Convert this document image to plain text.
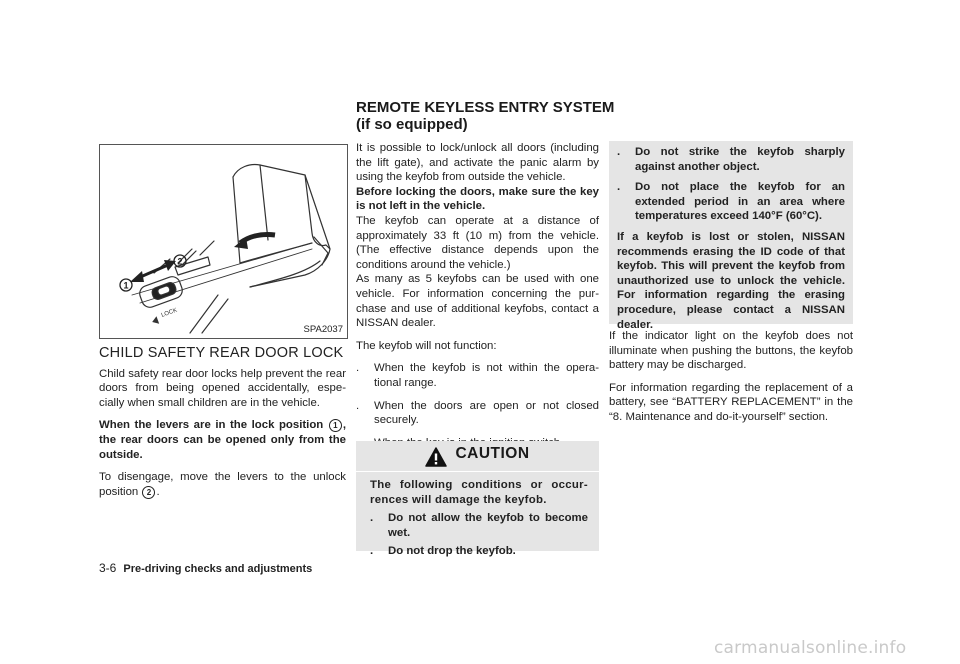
REMOTE KEYLESS ENTRY SYSTEM
(if so equipped)
1
2
LOCK
SPA2037
CHILD SAFETY REAR DOOR LOCK

Child safety rear door locks help prevent the rear doors from being opened accidentally, espe-cially when small children are in the vehicle.

When the levers are in the lock position 1 , the rear doors can be opened only from the outside.

To disengage, move the levers to the unlock position 2 .

It is possible to lock/unlock all doors (including the lift gate), and activate the panic alarm by using the keyfob from outside the vehicle.

Before locking the doors, make sure the key is not left in the vehicle.

The keyfob can operate at a distance of approximately 33 ft (10 m) from the vehicle. (The effective distance depends upon the conditions around the vehicle.)

As many as 5 keyfobs can be used with one vehicle. For information concerning the pur-chase and use of additional keyfobs, contact a NISSAN dealer.

The keyfob will not function:

. When the keyfob is not within the opera-tional range.
. When the doors are open or not closed securely.
CAUTION

The following conditions or occur-rences will damage the keyfob.

. Do not allow the keyfob to become wet.
. Do not drop the keyfob.
. Do not strike the keyfob sharply against another object.
. Do not place the keyfob for an extended period in an area where temperatures exceed 140°F (60°C).

If a keyfob is lost or stolen, NISSAN recommends erasing the ID code of that keyfob. This will prevent the keyfob from unauthorized use to unlock the vehicle. For information regarding the erasing procedure, please contact a NISSAN dealer.

If the indicator light on the keyfob does not illuminate when pushing the buttons, the keyfob battery may be discharged.

For information regarding the replacement of a battery, see “BATTERY REPLACEMENT” in the “8. Maintenance and do-it-yourself” section.

3-6 Pre-driving checks and adjustments
carmanualsonline.info
